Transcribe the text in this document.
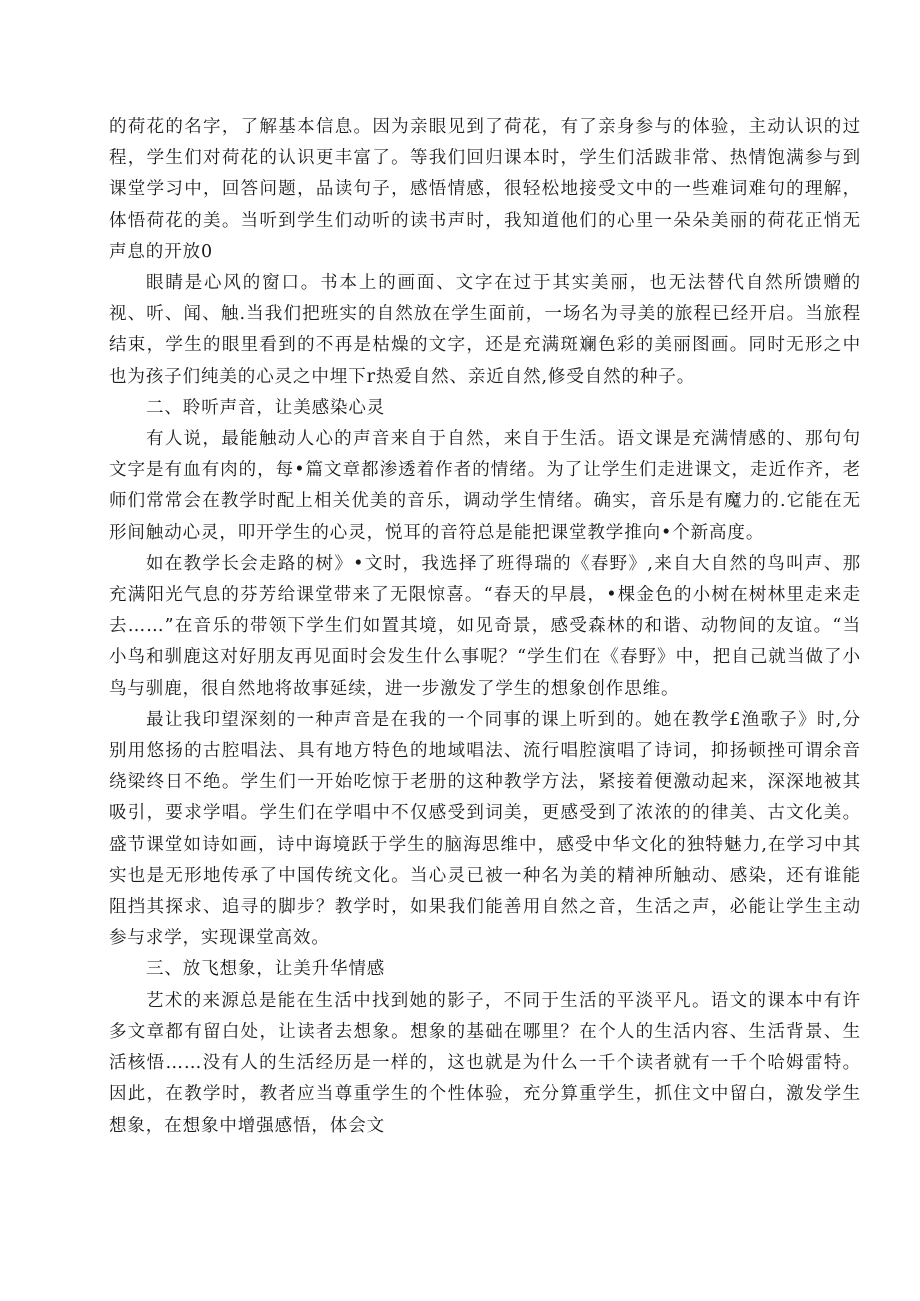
的荷花的名字，了解基本信息。因为亲眼见到了荷花，有了亲身参与的体验，主动认识的过程，学生们对荷花的认识更丰富了。等我们回归课本时，学生们活跋非常、热情饱满参与到课堂学习中，回答问题，品读句子，感悟情感，很轻松地接受文中的一些难词难句的理解，体悟荷花的美。当听到学生们动听的读书声时，我知道他们的心里一朵朵美丽的荷花正悄无声息的开放0

眼睛是心风的窗口。书本上的画面、文字在过于其实美丽，也无法替代自然所馈赠的视、听、闻、触.当我们把班实的自然放在学生面前，一场名为寻美的旅程已经开启。当旅程结束，学生的眼里看到的不再是枯燥的文字，还是充满斑斓色彩的美丽图画。同时无形之中也为孩子们纯美的心灵之中埋下r热爱自然、亲近自然,修受自然的种子。

二、聆听声音，让美感染心灵

有人说，最能触动人心的声音来自于自然，来自于生活。语文课是充满情感的、那句句文字是有血有肉的，每•篇文章都渗透着作者的情绪。为了让学生们走进课文，走近作齐，老师们常常会在教学时配上相关优美的音乐，调动学生情绪。确实，音乐是有魔力的.它能在无形间触动心灵，叩开学生的心灵，悦耳的音符总是能把课堂教学推向•个新高度。

如在教学长会走路的树》•文时，我选择了班得瑞的《春野》,来自大自然的鸟叫声、那充满阳光气息的芬芳给课堂带来了无限惊喜。“春天的早晨，•棵金色的小树在树林里走来走去……”在音乐的带领下学生们如置其境，如见奇景，感受森林的和谐、动物间的友谊。“当小鸟和驯鹿这对好朋友再见面时会发生什么事呢？“学生们在《春野》中，把自己就当做了小鸟与驯鹿，很自然地将故事延续，进一步激发了学生的想象创作思维。

最让我印望深刻的一种声音是在我的一个同事的课上听到的。她在教学£渔歌子》时,分别用悠扬的古腔唱法、具有地方特色的地域唱法、流行唱腔演唱了诗词，抑扬顿挫可谓余音绕梁终日不绝。学生们一开始吃惊于老册的这种教学方法，紧接着便激动起来，深深地被其吸引，要求学唱。学生们在学唱中不仅感受到词美，更感受到了浓浓的的律美、古文化美。盛节课堂如诗如画，诗中诲境跃于学生的脑海思维中，感受中华文化的独特魅力,在学习中其实也是无形地传承了中国传统文化。当心灵已被一种名为美的精神所触动、感染，还有谁能阻挡其探求、追寻的脚步？教学时，如果我们能善用自然之音，生活之声，必能让学生主动参与求学，实现课堂高效。

三、放飞想象，让美升华情感

艺术的来源总是能在生活中找到她的影子，不同于生活的平淡平凡。语文的课本中有许多文章都有留白处，让读者去想象。想象的基础在哪里？在个人的生活内容、生活背景、生活核悟……没有人的生活经历是一样的，这也就是为什么一千个读者就有一千个哈姆雷特。因此，在教学时，教者应当尊重学生的个性体验，充分算重学生，抓住文中留白，激发学生想象，在想象中增强感悟，体会文
